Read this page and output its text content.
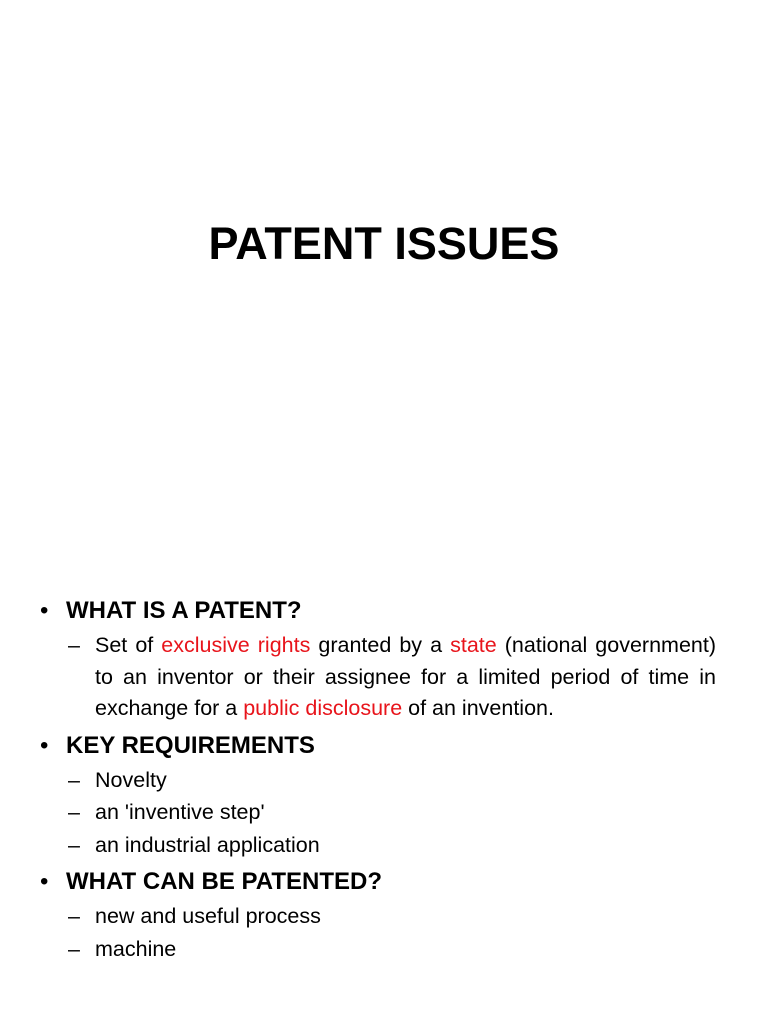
PATENT ISSUES
• WHAT IS A PATENT?
– Set of exclusive rights granted by a state (national government) to an inventor or their assignee for a limited period of time in exchange for a public disclosure of an invention.
• KEY REQUIREMENTS
– Novelty
– an 'inventive step'
– an industrial application
• WHAT CAN BE PATENTED?
– new and useful process
– machine
